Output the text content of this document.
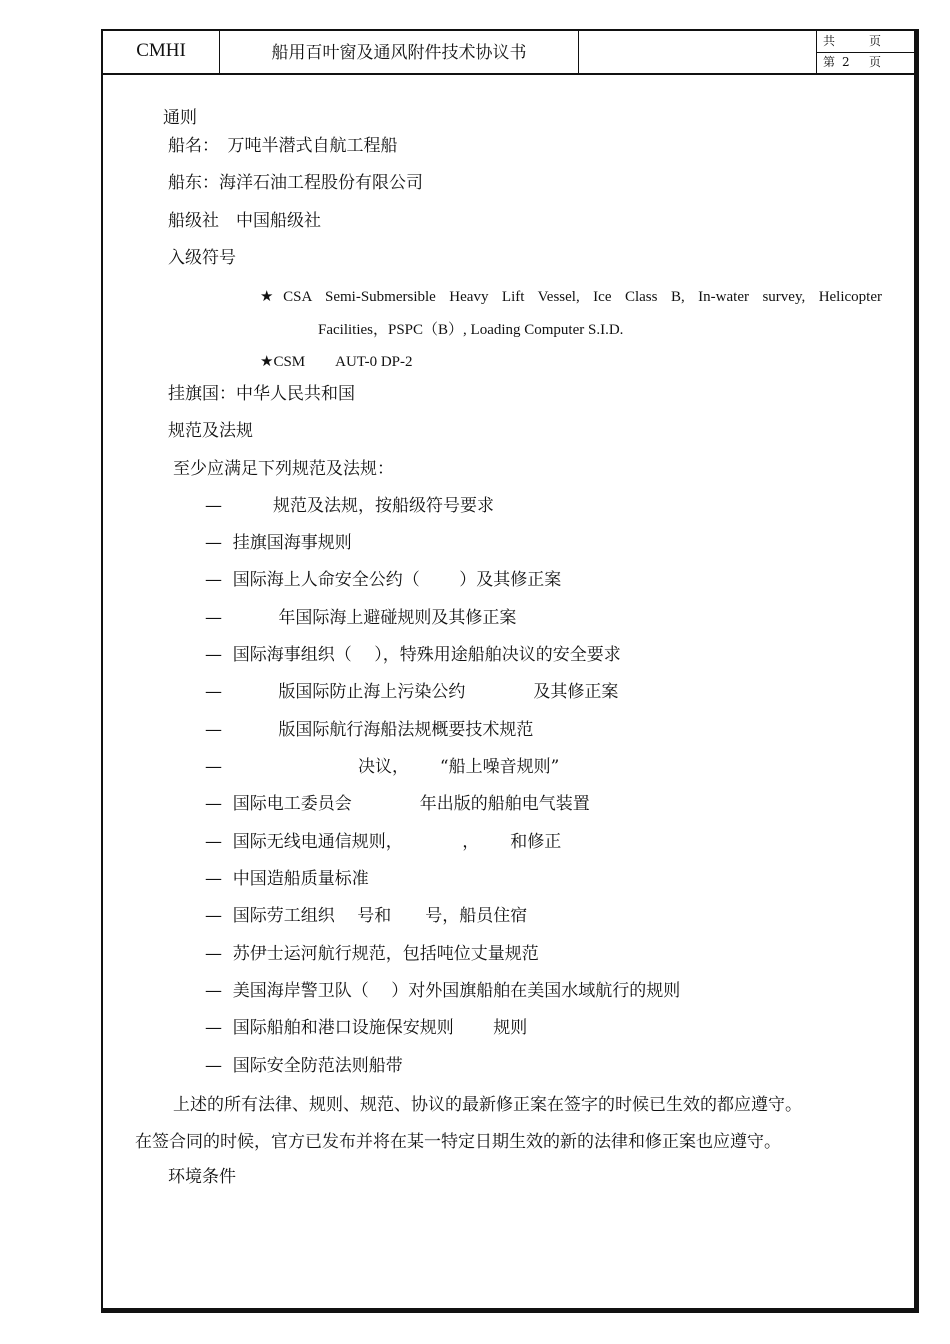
CMHI	船用百叶窗及通风附件技术协议书
共	页
第 2 页
通则
船名：　万吨半潜式自航工程船
船东：海洋石油工程股份有限公司
船级社　中国船级社
入级符号
★CSA Semi-Submersible Heavy Lift Vessel, Ice Class B, In-water survey, Helicopter
Facilities，PSPC（B）, Loading Computer S.I.D.
★CSM　　AUT-0 DP-2
挂旗国：中华人民共和国
规范及法规
至少应满足下列规范及法规：
—　　　规范及法规，按船级符号要求
—  挂旗国海事规则
—  国际海上人命安全公约（　　 ）及其修正案
—　　　 年国际海上避碰规则及其修正案
—  国际海事组织（　 ），特殊用途船舶决议的安全要求
—　　　 版国际防止海上污染公约　　　　及其修正案
—　　　 版国际航行海船法规概要技术规范
—　　　　　　　　决议，　　 “船上噪音规则”
—  国际电工委员会　　　　年出版的船舶电气装置
—  国际无线电通信规则，　　　　，　　 和修正
—  中国造船质量标准
—  国际劳工组织　 号和　　号，船员住宿
—  苏伊士运河航行规范，包括吨位丈量规范
—  美国海岸警卫队（　 ）对外国旗船舶在美国水域航行的规则
—  国际船舶和港口设施保安规则　　 规则
—  国际安全防范法则船带
上述的所有法律、规则、规范、协议的最新修正案在签字的时候已生效的都应遵守。
在签合同的时候，官方已发布并将在某一特定日期生效的新的法律和修正案也应遵守。
环境条件
